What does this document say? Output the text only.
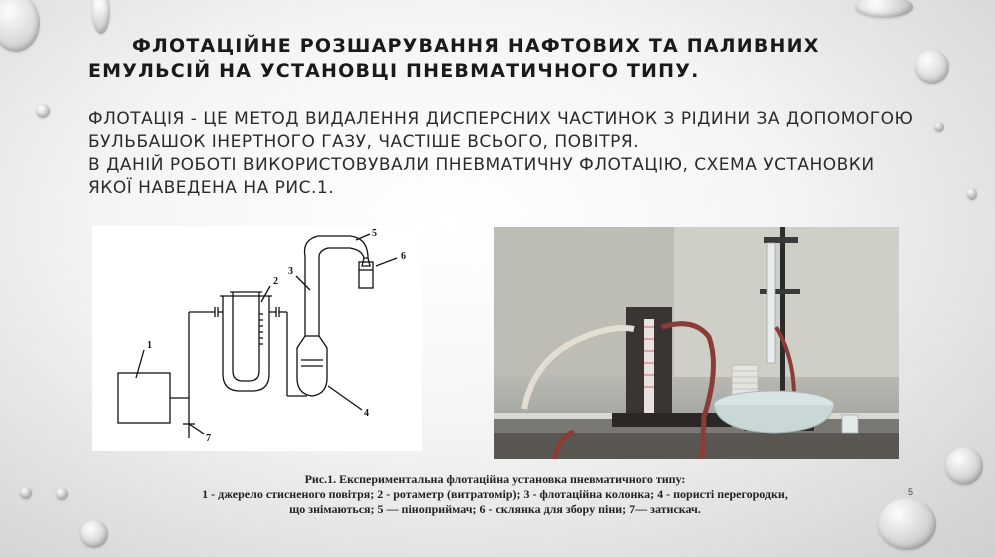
ФЛОТАЦІЙНЕ РОЗШАРУВАННЯ НАФТОВИХ ТА ПАЛИВНИХ ЕМУЛЬСІЙ НА УСТАНОВЦІ ПНЕВМАТИЧНОГО ТИПУ.

ФЛОТАЦІЯ - ЦЕ МЕТОД ВИДАЛЕННЯ ДИСПЕРСНИХ ЧАСТИНОК З РІДИНИ ЗА ДОПОМОГОЮ БУЛЬБАШОК ІНЕРТНОГО ГАЗУ, ЧАСТІШЕ ВСЬОГО, ПОВІТРЯ.

В ДАНІЙ РОБОТІ ВИКОРИСТОВУВАЛИ ПНЕВМАТИЧНУ ФЛОТАЦІЮ, СХЕМА УСТАНОВКИ ЯКОЇ НАВЕДЕНА НА РИС.1.

1
2
3
4
5
6
7

Рис.1. Експериментальна флотаційна установка пневматичного типу:

1 - джерело стисненого повітря; 2 - ротаметр (витратомір); 3 - флотаційна колонка; 4 - пористі перегородки, що знімаються; 5 — піноприймач; 6 - склянка для збору піни; 7— затискач.

5
